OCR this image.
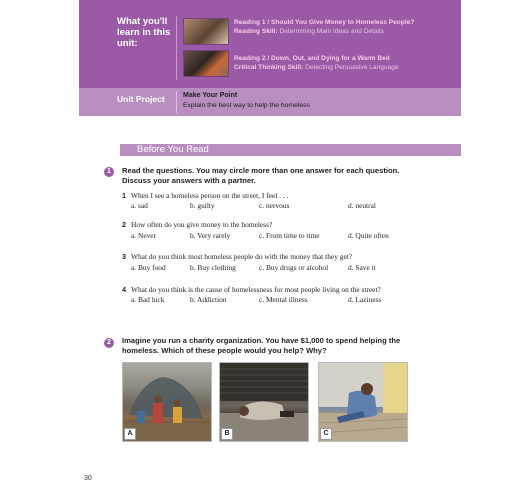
What you'll learn in this unit:
Reading 1 / Should You Give Money to Homeless People?
Reading Skill: Determining Main Ideas and Details
Reading 2 / Down, Out, and Dying for a Warm Bed
Critical Thinking Skill: Detecting Persuasive Language
Unit Project	Make Your Point
Explain the best way to help the homeless
Before You Read
1	Read the questions. You may circle more than one answer for each question. Discuss your answers with a partner.
1 When I see a homeless person on the street, I feel . . .
a. sad	b. guilty	c. nervous	d. neutral
2 How often do you give money to the homeless?
a. Never	b. Very rarely	c. From time to time	d. Quite often
3 What do you think most homeless people do with the money that they get?
a. Buy food	b. Buy clothing	c. Buy drugs or alcohol	d. Save it
4 What do you think is the cause of homelessness for most people living on the street?
a. Bad luck	b. Addiction	c. Mental illness	d. Laziness
2	Imagine you run a charity organization. You have $1,000 to spend helping the homeless. Which of these people would you help? Why?
A	B	C
30
